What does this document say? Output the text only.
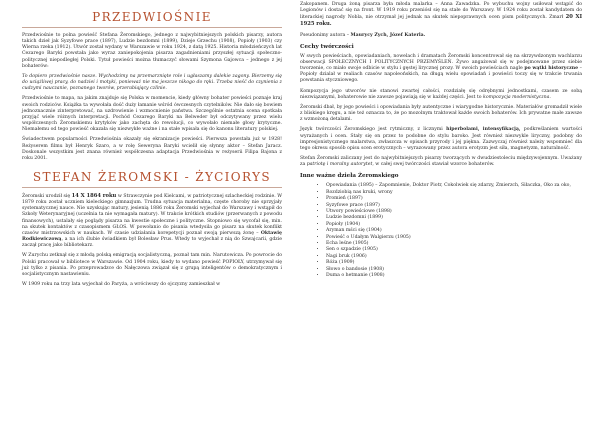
PRZEDWIOŚNIE

Przedwiośnie to polna powieść Stefana Żeromskiego, jednego z najwybitniejszych polskich pisarzy, autora takich dzieł jak Syzyfowe prace (1897), Ludzie bezdomni (1899), Dzieje Grzechu (1908), Popioły (1903) czy Wierna rzeka (1912). Utwór został wydany w Warszawie w roku 1924, z datą 1925. Historia młodzieńczych lat Cezarego Baryki powstała jako wyraz zaniepokojenia pisarza zagadnieniami przyszłej sytuacji społeczno-politycznej niepodległej Polski. Tytuł powieści można tłumaczyć słowami Szymona Gajowca – jednego z jej bohaterów:

To dopiero przedwiośnie nasze. Wychodzimy na przemarznięte role i ugłaszamy dalekie zagony. Bierzemy się do uciążliwej pracy, do nadziei i motyki, ponieważ nie ma jeszcze nikogo do ręki. Trzeba nieść do czynienia z cudzymi nauczanie, poznanego tworów, przerabiający czlinie.

Przedwiośnie to mapa, na jakim znajduje się Polska w momencie, kiedy główny bohater powieści poznaje kraj swoich rodziców. Książka ta wywołała dość duży łamanie wśród ówczesnych czytelników. Nie dało się bowiem jednoznacznie zinterpretować, na uzdrowienie i wzmocnienie państwa. Szczególnie ostatnia scena spotkała przyjąć wiele różnych interpretacji. Pochód Cezarego Baryki na Belweder był odczytywany przez wielu współczesnych Żeromskiemu krytyków jako zachęta do rewolucji, co wywołało niemałe głosy krytyczne. Niemałemu od tego powieść okazała się niezwykłe ważne i na stałe wpisała się do kanonu literatury polskiej.

Świadectwem popularności Przedwiośnia okazały się ekranizacje powieści. Pierwsza powstała już w 1928! Reżyserem filmu był Henryk Szaro, a w rolę Seweryna Baryki wcielił się słynny aktor – Stefan Jaracz. Doskonale wszystkim jest znana również współczesna adaptacja Przedwiośnia w reżyserii Filipa Bajona z roku 2001.

STEFAN ŻEROMSKI - ŻYCIORYS

Żeromski urodził się 14 X 1864 roku w Strawczynie pod Kielcami, w patriotycznej szlacheckiej rodzinie. W 1879 roku został uczniem kieleckiego gimnazjum. Trudna sytuacja materialna, częste choroby nie sprzyjały systematycznej nauce. Nie uzyskując matury, jesienią 1886 roku Żeromski wyjechał do Warszawy i wstąpił do Szkoły Weterynaryjnej (uczelnia ta nie wymagała matury). W trakcie krótkich studiów (przerwanych z powodu finansowych), ustalały się poglądy pisarza na kwestie społeczne i polityczne. Stopniowo się wycofał się, min. na skutek kontaktów z czasopismem GŁOS. W powołanio do pisania wtedysila go pisarz na skutek konflikt czasów mistrzowskich w naukach. W czasie udziałania korepetycji poznał swoją pierwszą żonę – Oktawię Rodkiewiczową, a na ich ślubie świadkiem był Bolesław Prus. Wtedy to wyjechał z nią do Szwajcarii, gdzie zaczął pracę jako bibliotekarz.

W Zurychu zetknął się z młodą polską emigracją socjalistyczną, poznał tam min. Narutowicza. Po powrocie do Polski pracował w bibliotece w Warszawie. Od 1904 roku, kiedy to wydano powieść POPIOŁY, utrzymywał się już tylko z pisania. Po przeprowadzce do Nałęczowa związał się z grupą inteligentów o demokratycznym i socjalistycznym nastawieniu.

W 1909 roku na trzy lata wyjechał do Paryża, a wróciwszy do ojczyzny zamieszkał w

Zakopanem. Druga żoną pisarza była młoda malarka – Anna Zawadzka. Po wybuchu wojny usiłował wstąpić do Legionów i dostać się na front. W 1919 roku przeniósł się na stałe do Warszawy. W 1924 roku został kandydatem do literackiej nagrody Nobla, nie otrzymał jej jednak na skutek niepoprawnych ocen pism politycznych. Zmarł 20 XI 1925 roku.

Pseudonimy autora – Maurycy Zych, Józef Katerla.

Cechy twórczości

W swych powieściach, opowiadaniach, nowelach i dramatach Żeromski koncentrował się na skrzywdzonym wachlarzu obserwacji SPOŁECZNYCH I POLITYCZNYCH PRZEMYŚLEŃ. Żywo angażował się w podejmowane przez siebie tworzenie, co miało swoje odbicie w stylu i gęstej lirycznej prozy. W swoich powieściach nagle po wątki historyczne – Popioły dzialał w realiach czasów napoleońskich, na długą wielu opowiadań i powieści toczy się w trakcie trwania powstania styczniowego.

Kompozycja jego utworów nie stanowi zwartej całości, rozdziałę się odrębnymi jednostkami, czasem ze sobą niezwiązanymi, bohaterowie nie zawsze pojawiają się w każdej części. Jest to kompozycja modernistyczna.

Żeromski dbał, by jego powieści i opowiadania były autentyczne i wiarygodne historycznie. Materiałów gromadził wiele z bliskiego kręgu, a nie też oznacza to, że po mozolnym traktował każde swoich bohaterów. Ich prywatne małe zawsze z wzmożoną detalami.

Język twórczości Żeromskiego jest rytmiczny, z licznymi hiperbolami, intensyfikacją, podkreślaniem wartości wyrażanych i ocen. Stały się on przez to podobne do stylu baroko. Jest również niezwykle liryczny, podobny do impresjonistycznego malarstwa, zwłaszcza w opisach przyrody i jej piękna. Zazwyczaj również należy wspomnieć dla tego okresu sposób opisu scen erotycznych – wyrazowany przez autora erotyzm jest siła, magnetyzm, naturalność.

Stefan Żeromski zaliczany jest do najwybitniejszych pisarzy tworzących w dwudziestoleciu międzywojennym. Uważany za patriotę i moralny autorytet, w całej swej twórczości stawiał wzorce bohaterów.

Inne ważne dzieła Żeromskiego
• Opowiadania (1895) – Zapomnienie, Doktor Piotr, Cokolwiek się zdarzy, Zmierzch, Siłaczka, Oko za oko,
• Rozdziobią nas kruki, wrony
• Promień (1897)
• Syzyfowe prace (1897)
• Utwory powieściowe (1898)
• Ludzie bezdomni (1899)
• Popioły (1904)
• Aryman mści się (1904)
• Powieść o Udałym Walgierzu (1905)
• Echa leśne (1905)
• Sen o szpadzie (1905)
• Nagi bruk (1906)
• Róża (1909)
• Słowo o bandosie (1908)
• Duma o hetmanie (1908)
